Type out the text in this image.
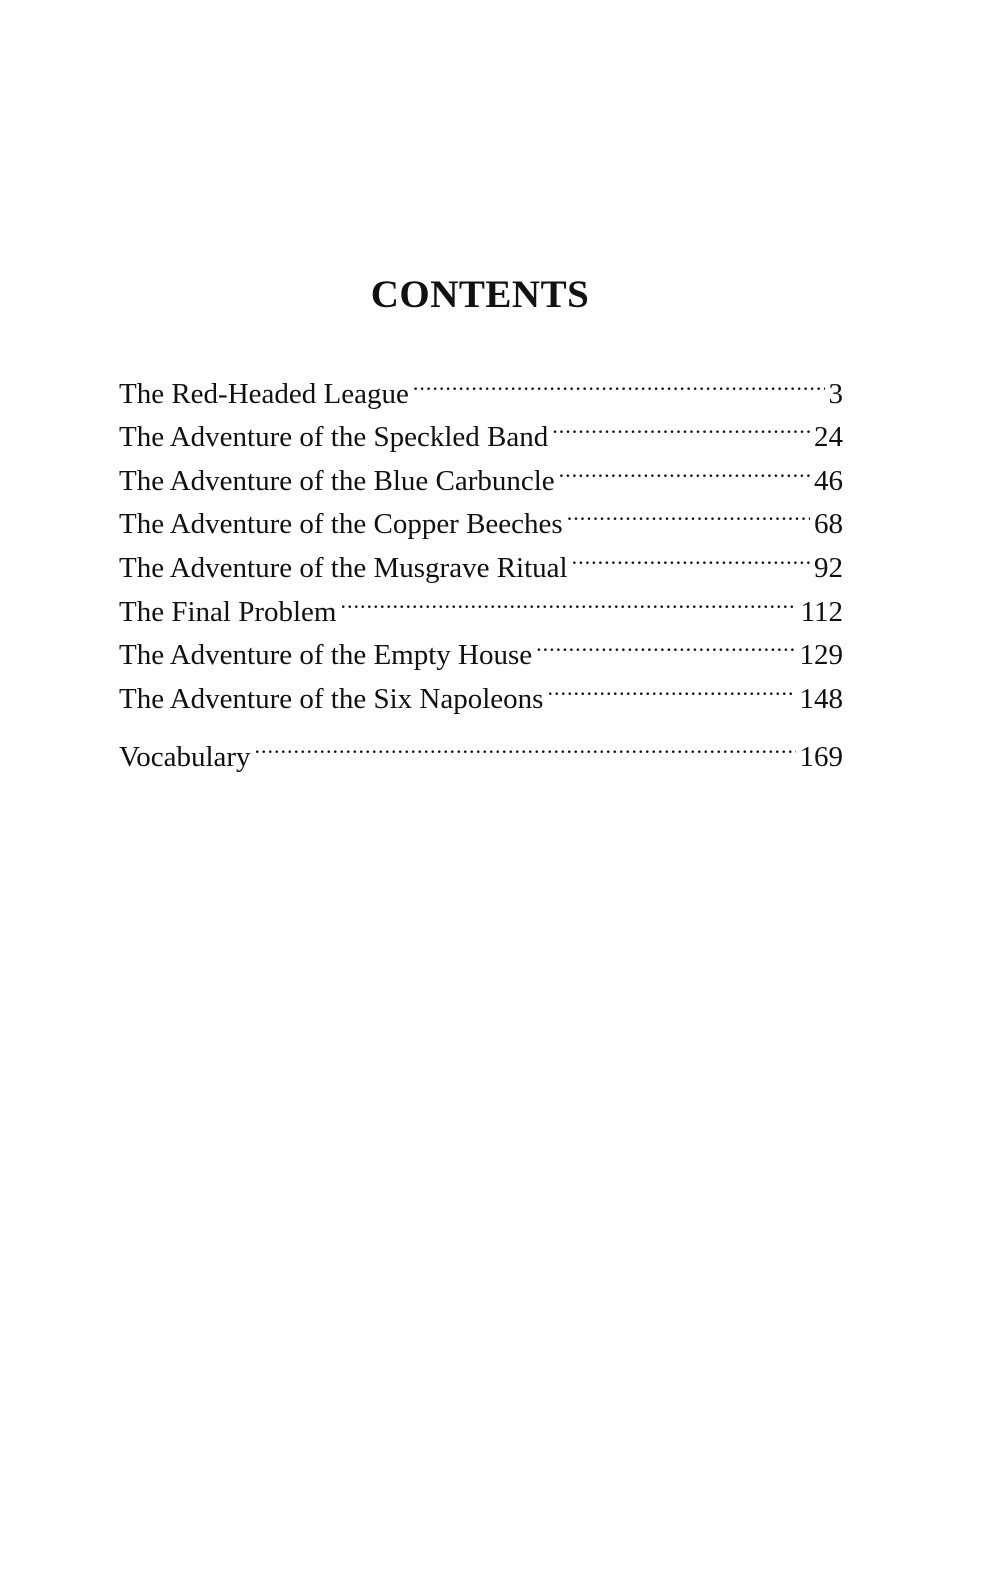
CONTENTS
The Red-Headed League .....	3
The Adventure of the Speckled Band .....	24
The Adventure of the Blue Carbuncle .....	46
The Adventure of the Copper Beeches .....	68
The Adventure of the Musgrave Ritual .....	92
The Final Problem .....	112
The Adventure of the Empty House .....	129
The Adventure of the Six Napoleons .....	148
Vocabulary .....	169
